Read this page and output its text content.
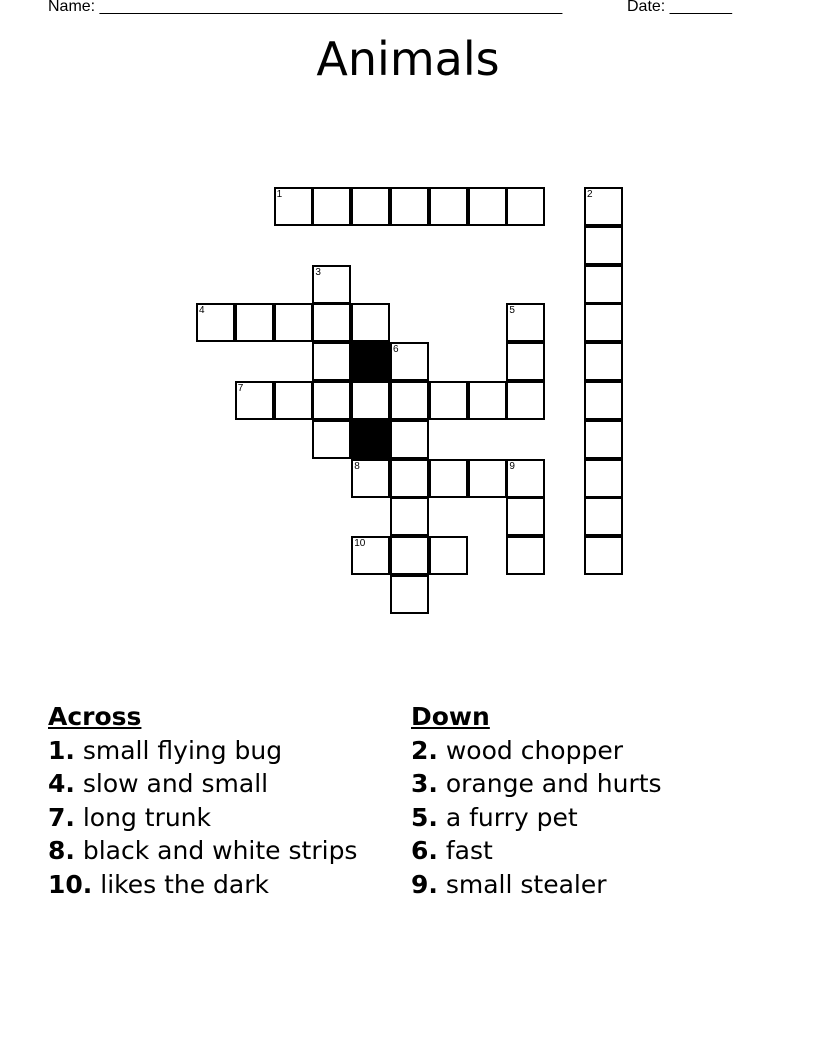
Name: ____________________________________________________	Date: _______
Animals
1	2
3
4	5
6
7
8	9
10
Across
1. small flying bug
4. slow and small
7. long trunk
8. black and white strips
10. likes the dark
Down
2. wood chopper
3. orange and hurts
5. a furry pet
6. fast
9. small stealer
